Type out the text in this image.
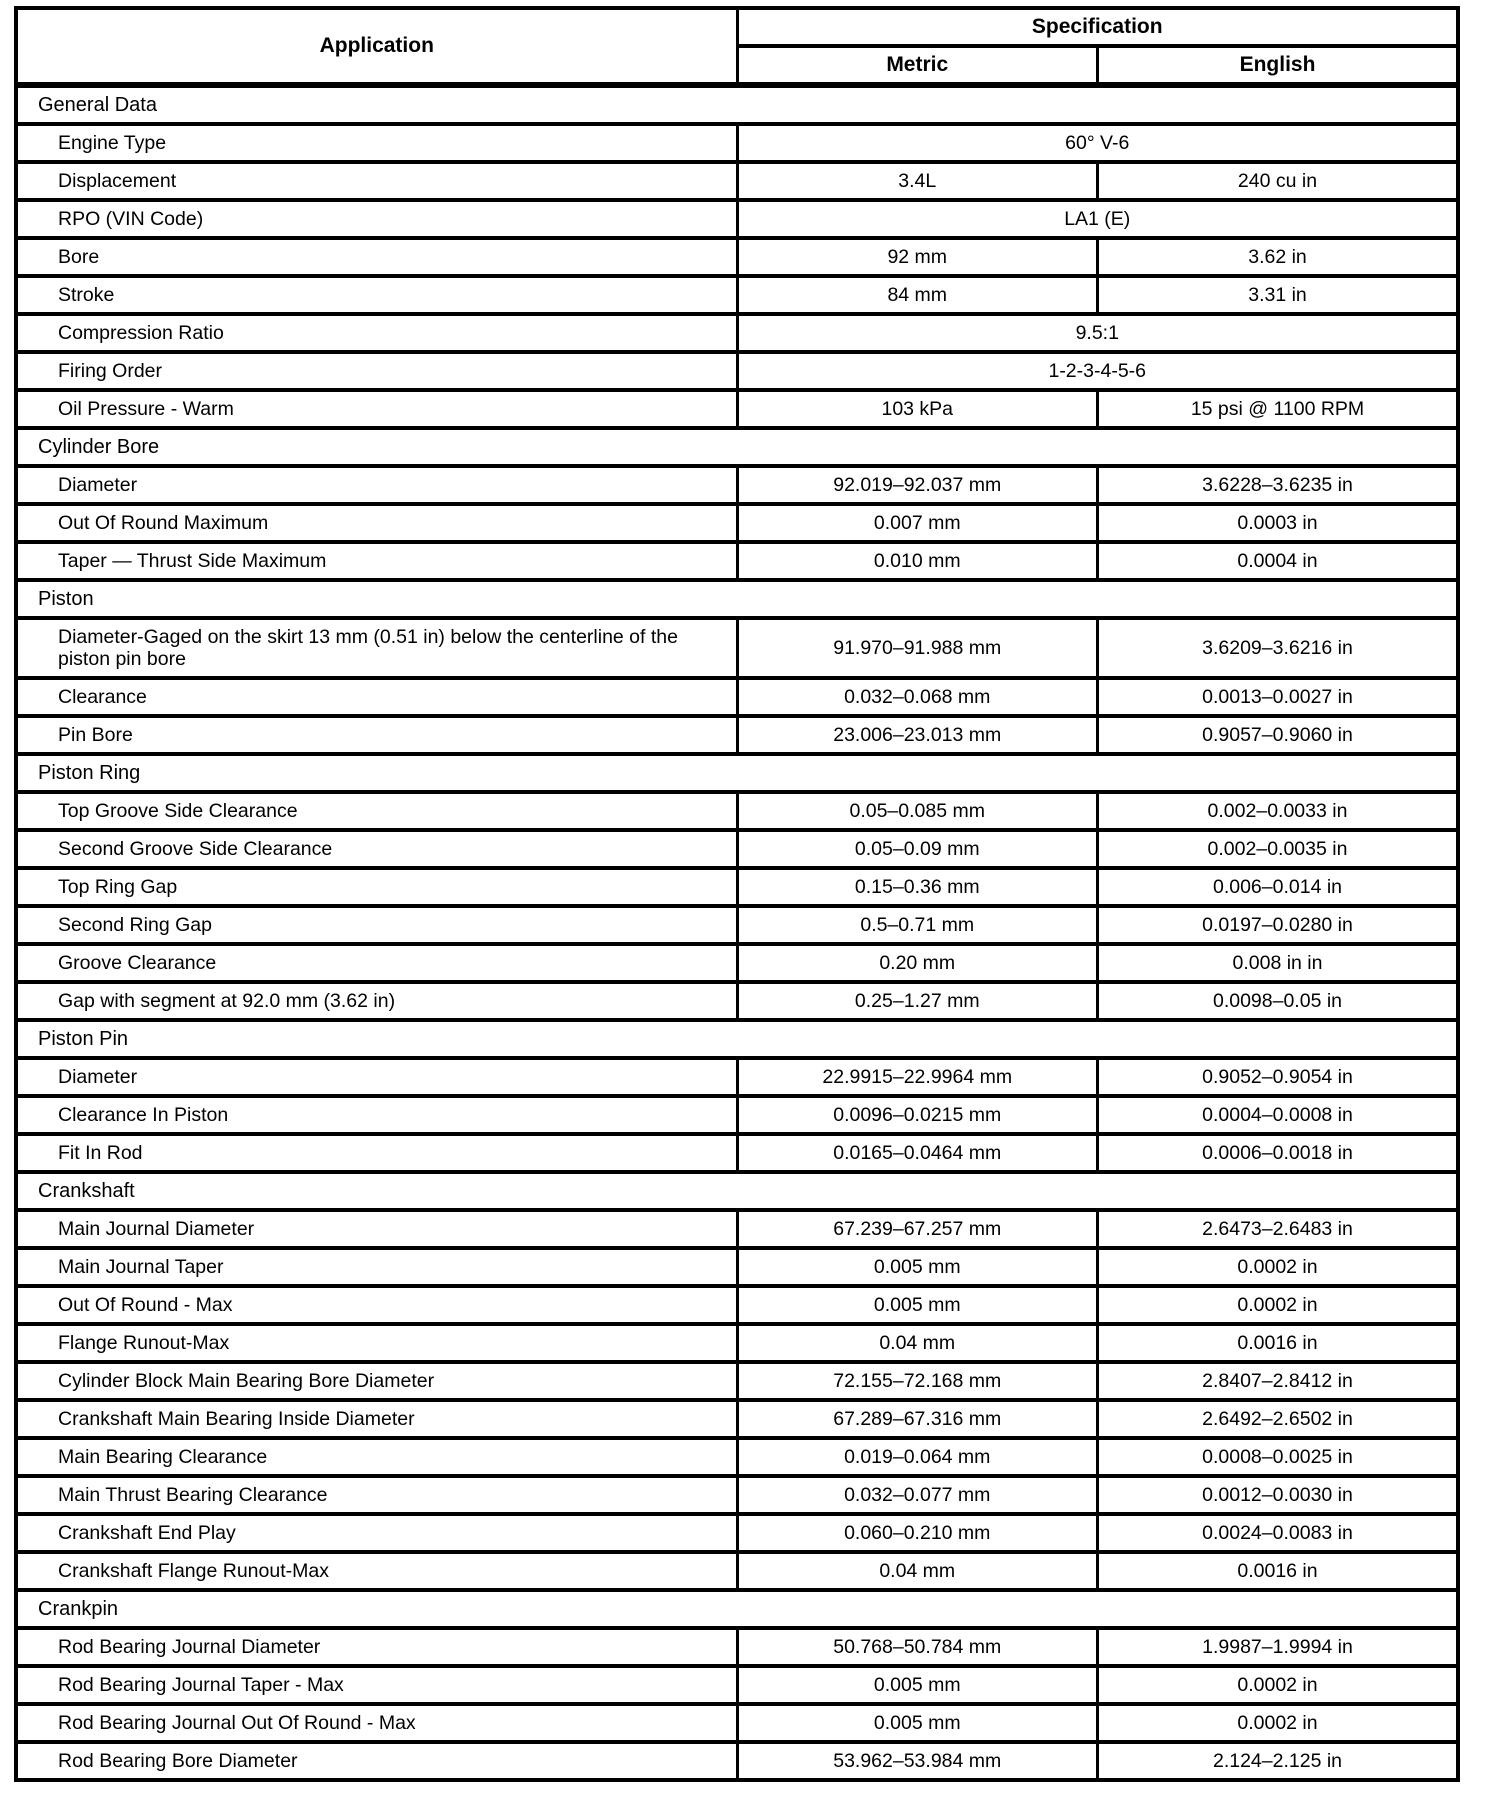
Application	Specification	
	Metric	English
General Data		
Engine Type	60° V-6	
Displacement	3.4L	240 cu in
RPO (VIN Code)	LA1 (E)	
Bore	92 mm	3.62 in
Stroke	84 mm	3.31 in
Compression Ratio	9.5:1	
Firing Order	1-2-3-4-5-6	
Oil Pressure - Warm	103 kPa	15 psi @ 1100 RPM
Cylinder Bore		
Diameter	92.019–92.037 mm	3.6228–3.6235 in
Out Of Round Maximum	0.007 mm	0.0003 in
Taper — Thrust Side Maximum	0.010 mm	0.0004 in
Piston		
Diameter-Gaged on the skirt 13 mm (0.51 in) below the centerline of the piston pin bore	91.970–91.988 mm	3.6209–3.6216 in
Clearance	0.032–0.068 mm	0.0013–0.0027 in
Pin Bore	23.006–23.013 mm	0.9057–0.9060 in
Piston Ring		
Top Groove Side Clearance	0.05–0.085 mm	0.002–0.0033 in
Second Groove Side Clearance	0.05–0.09 mm	0.002–0.0035 in
Top Ring Gap	0.15–0.36 mm	0.006–0.014 in
Second Ring Gap	0.5–0.71 mm	0.0197–0.0280 in
Groove Clearance	0.20 mm	0.008 in in
Gap with segment at 92.0 mm (3.62 in)	0.25–1.27 mm	0.0098–0.05 in
Piston Pin		
Diameter	22.9915–22.9964 mm	0.9052–0.9054 in
Clearance In Piston	0.0096–0.0215 mm	0.0004–0.0008 in
Fit In Rod	0.0165–0.0464 mm	0.0006–0.0018 in
Crankshaft		
Main Journal Diameter	67.239–67.257 mm	2.6473–2.6483 in
Main Journal Taper	0.005 mm	0.0002 in
Out Of Round - Max	0.005 mm	0.0002 in
Flange Runout-Max	0.04 mm	0.0016 in
Cylinder Block Main Bearing Bore Diameter	72.155–72.168 mm	2.8407–2.8412 in
Crankshaft Main Bearing Inside Diameter	67.289–67.316 mm	2.6492–2.6502 in
Main Bearing Clearance	0.019–0.064 mm	0.0008–0.0025 in
Main Thrust Bearing Clearance	0.032–0.077 mm	0.0012–0.0030 in
Crankshaft End Play	0.060–0.210 mm	0.0024–0.0083 in
Crankshaft Flange Runout-Max	0.04 mm	0.0016 in
Crankpin		
Rod Bearing Journal Diameter	50.768–50.784 mm	1.9987–1.9994 in
Rod Bearing Journal Taper - Max	0.005 mm	0.0002 in
Rod Bearing Journal Out Of Round - Max	0.005 mm	0.0002 in
Rod Bearing Bore Diameter	53.962–53.984 mm	2.124–2.125 in
